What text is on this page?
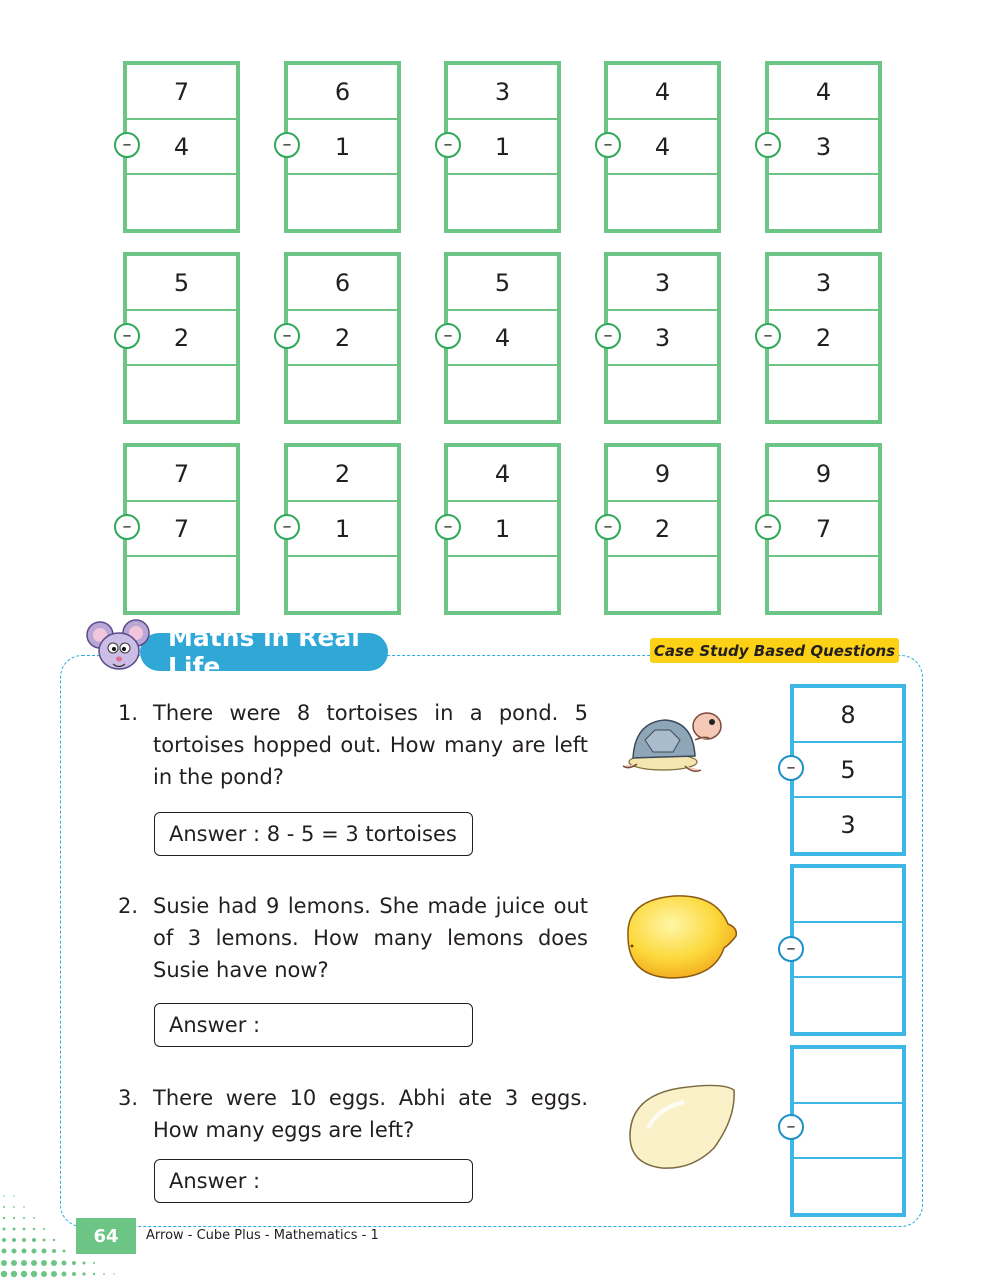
7
4
6
1
3
1
4
4
4
3
5
2
6
2
5
4
3
3
3
2
7
7
2
1
4
1
9
2
9
7
–	–	–	–	–
–	–	–	–	–
–	–	–	–	–
Maths in Real Life
Case Study Based Questions
1. There were 8 tortoises in a pond. 5 tortoises hopped out. How many are left in the pond?
Answer : 8 - 5 = 3 tortoises
2. Susie had 9 lemons. She made juice out of 3 lemons. How many lemons does Susie have now?
Answer :
3. There were 10 eggs. Abhi ate 3 eggs. How many eggs are left?
Answer :
8
5
3
–
–
–
64	Arrow - Cube Plus - Mathematics - 1
